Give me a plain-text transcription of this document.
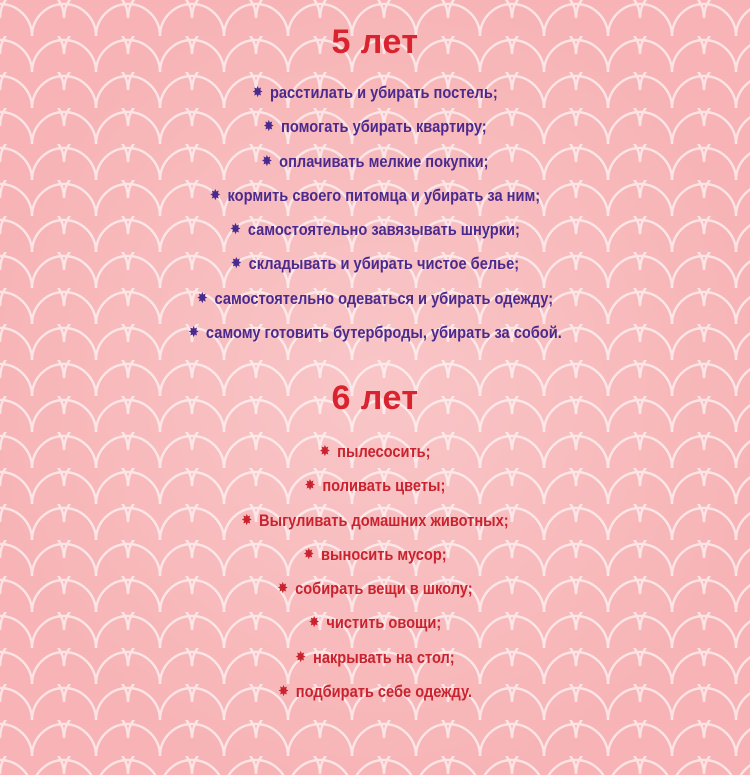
5 лет
✸ расстилать и убирать постель;
✸ помогать убирать квартиру;
✸ оплачивать мелкие покупки;
✸ кормить своего питомца и убирать за ним;
✸ самостоятельно завязывать шнурки;
✸ складывать и убирать чистое белье;
✸ самостоятельно одеваться и убирать одежду;
✸ самому готовить бутерброды, убирать за собой.
6 лет
✸ пылесосить;
✸ поливать цветы;
✸ Выгуливать домашних животных;
✸ выносить мусор;
✸ собирать вещи в школу;
✸ чистить овощи;
✸ накрывать на стол;
✸ подбирать себе одежду.
